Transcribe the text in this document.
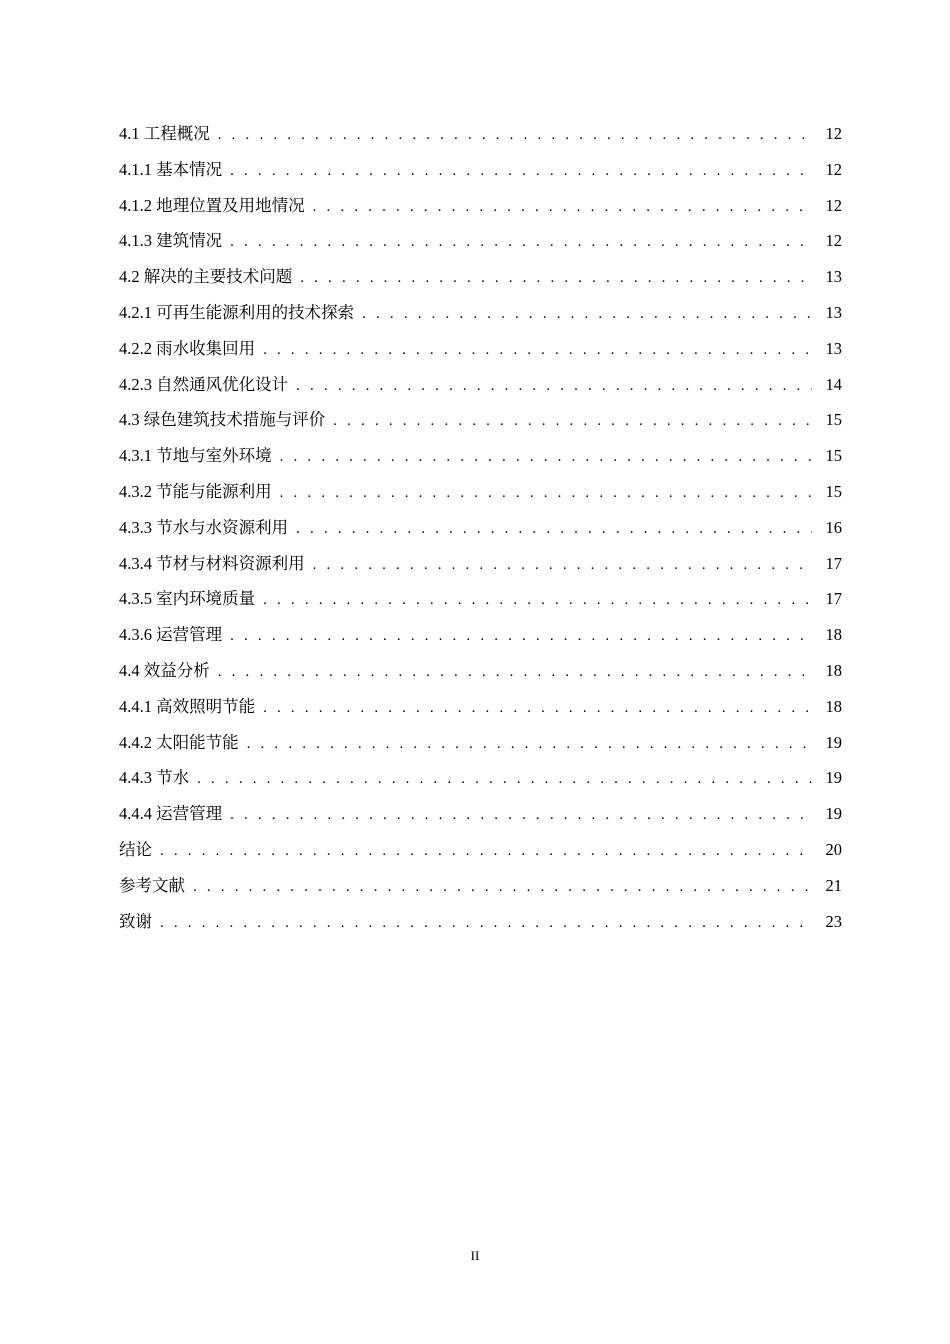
4.1 工程概况 . . .	12
4.1.1 基本情况 . . .	12
4.1.2 地理位置及用地情况 . . .	12
4.1.3 建筑情况 . . .	12
4.2 解决的主要技术问题 . . .	13
4.2.1 可再生能源利用的技术探索 . . .	13
4.2.2 雨水收集回用 . . .	13
4.2.3 自然通风优化设计 . . .	14
4.3 绿色建筑技术措施与评价 . . .	15
4.3.1 节地与室外环境 . . .	15
4.3.2 节能与能源利用 . . .	15
4.3.3 节水与水资源利用 . . .	16
4.3.4 节材与材料资源利用 . . .	17
4.3.5 室内环境质量 . . .	17
4.3.6 运营管理 . . .	18
4.4 效益分析 . . .	18
4.4.1 高效照明节能 . . .	18
4.4.2 太阳能节能 . . .	19
4.4.3 节水 . . .	19
4.4.4 运营管理 . . .	19
结论 . . .	20
参考文献 . . .	21
致谢 . . .	23
II
